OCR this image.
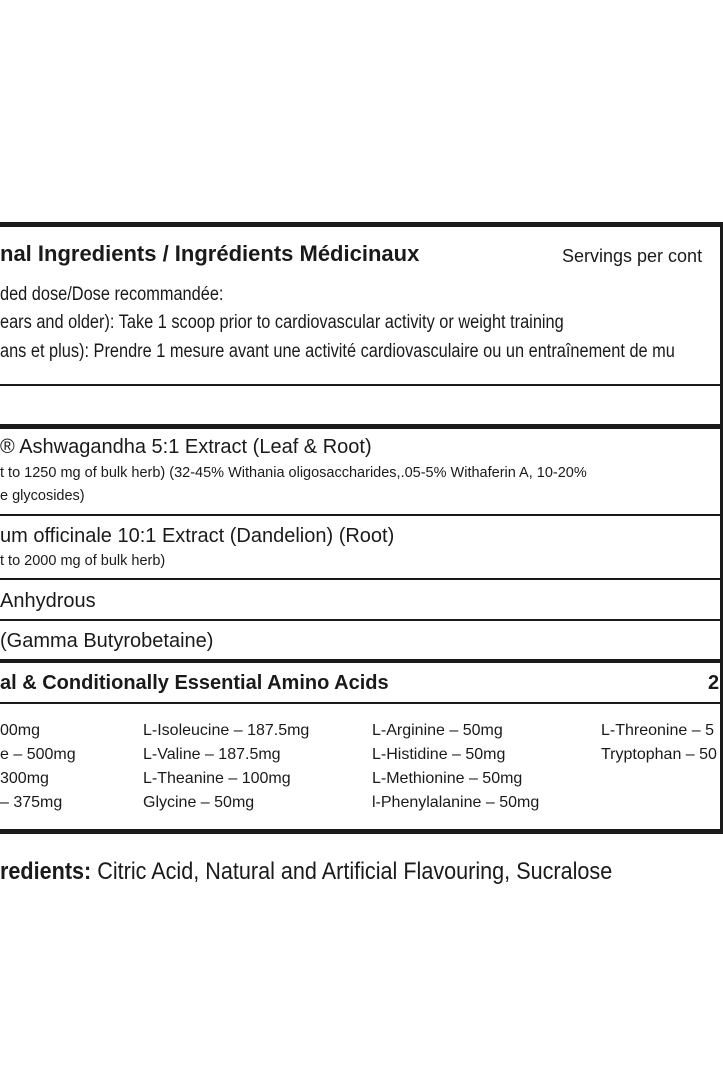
nal Ingredients / Ingrédients Médicinaux	Servings per cont
ded dose/Dose recommandée:
ears and older): Take 1 scoop prior to cardiovascular activity or weight training
ans et plus): Prendre 1 mesure avant une activité cardiovasculaire ou un entraînement de mu
® Ashwagandha 5:1 Extract (Leaf & Root)
t to 1250 mg of bulk herb) (32-45% Withania oligosaccharides,.05-5% Withaferin A, 10-20%
e glycosides)
um officinale 10:1 Extract (Dandelion) (Root)
t to 2000 mg of bulk herb)
Anhydrous
(Gamma Butyrobetaine)
al & Conditionally Essential Amino Acids	2
00mg
e – 500mg
300mg
– 375mg
L-Isoleucine – 187.5mg
L-Valine – 187.5mg
L-Theanine – 100mg
Glycine – 50mg
L-Arginine – 50mg
L-Histidine – 50mg
L-Methionine – 50mg
l-Phenylalanine – 50mg
L-Threonine – 5
Tryptophan – 50
redients: Citric Acid, Natural and Artificial Flavouring, Sucralose
